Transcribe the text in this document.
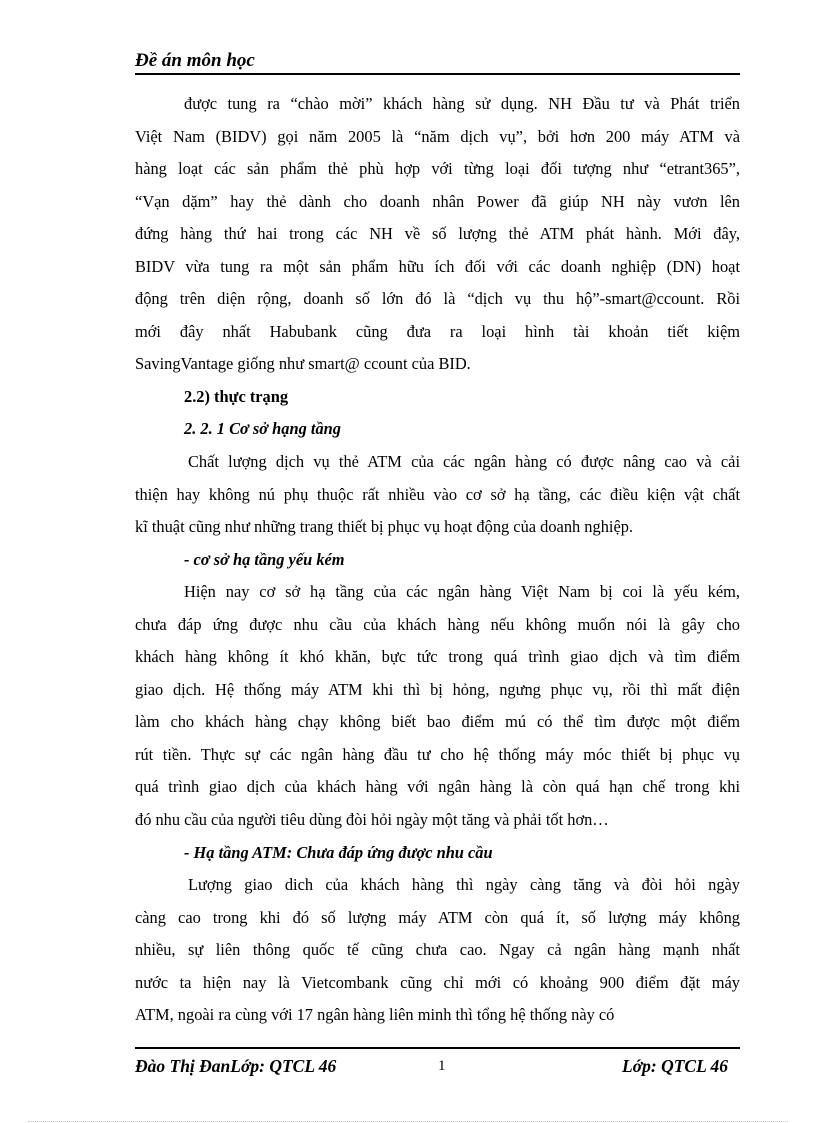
Đề án môn học
được tung ra “chào mời” khách hàng sử dụng. NH Đầu tư và Phát triển
Việt Nam (BIDV) gọi năm 2005 là “năm dịch vụ”, bởi hơn 200 máy ATM và
hàng loạt các sản phẩm thẻ phù hợp với từng loại đối tượng như “etrant365”,
“Vạn dặm” hay thẻ dành cho doanh nhân Power đã giúp NH này vươn lên
đứng hàng thứ hai trong các NH về số lượng thẻ ATM phát hành. Mới đây,
BIDV vừa tung ra một sản phẩm hữu ích đối với các doanh nghiệp (DN) hoạt
động trên diện rộng, doanh số lớn đó là “dịch vụ thu hộ”-smart@ccount. Rồi
mới đây nhất Habubank cũng đưa ra loại hình tài khoản tiết kiệm
SavingVantage giống như smart@ ccount của BID.
2.2) thực trạng
2. 2. 1 Cơ sở hạng tầng
Chất lượng dịch vụ thẻ ATM của các ngân hàng có được nâng cao và cải
thiện hay không nú phụ thuộc rất nhiều vào cơ sở hạ tầng, các điều kiện vật chất
kĩ thuật cũng như những trang thiết bị phục vụ hoạt động của doanh nghiệp.
- cơ sở hạ tầng yếu kém
Hiện nay cơ sở hạ tầng của các ngân hàng Việt Nam bị coi là yếu kém,
chưa đáp ứng được nhu cầu của khách hàng nếu không muốn nói là gây cho
khách hàng không ít khó khăn, bực tức trong quá trình giao dịch và tìm điểm
giao dịch. Hệ thống máy ATM khi thì bị hỏng, ngưng phục vụ, rồi thì mất điện
làm cho khách hàng chạy không biết bao điểm mú có thể tìm được một điểm
rút tiền. Thực sự các ngân hàng đầu tư cho hệ thống máy móc thiết bị phục vụ
quá trình giao dịch của khách hàng với ngân hàng là còn quá hạn chế trong khi
đó nhu cầu của người tiêu dùng đòi hỏi ngày một tăng và phải tốt hơn…
- Hạ tầng ATM: Chưa đáp ứng được nhu cầu
Lượng giao dich của khách hàng thì ngày càng tăng và đòi hỏi ngày
càng cao trong khi đó số lượng máy ATM còn quá ít, số lượng máy không
nhiều, sự liên thông quốc tế cũng chưa cao. Ngay cả ngân hàng mạnh nhất
nước ta hiện nay là Vietcombank cũng chỉ mới có khoảng 900 điểm đặt máy
ATM, ngoài ra cùng với 17 ngân hàng liên minh thì tổng hệ thống này có
Đào Thị ĐanLớp: QTCL 46	1	Lớp: QTCL 46
